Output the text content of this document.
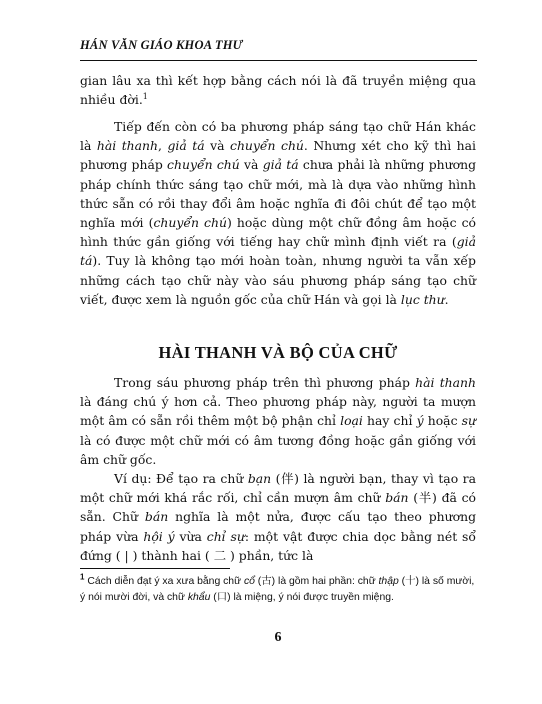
HÁN VĂN GIÁO KHOA THƯ

gian lâu xa thì kết hợp bằng cách nói là đã truyền miệng qua nhiều đời.$^1$

Tiếp đến còn có ba phương pháp sáng tạo chữ Hán khác là hài thanh, giả tá và chuyển chú. Nhưng xét cho kỹ thì hai phương pháp chuyển chú và giả tá chưa phải là những phương pháp chính thức sáng tạo chữ mới, mà là dựa vào những hình thức sẵn có rồi thay đổi âm hoặc nghĩa đi đôi chút để tạo một nghĩa mới (chuyển chú) hoặc dùng một chữ đồng âm hoặc có hình thức gần giống với tiếng hay chữ mình định viết ra (giả tá). Tuy là không tạo mới hoàn toàn, nhưng người ta vẫn xếp những cách tạo chữ này vào sáu phương pháp sáng tạo chữ viết, được xem là nguồn gốc của chữ Hán và gọi là lục thư.

HÀI THANH VÀ BỘ CỦA CHỮ

Trong sáu phương pháp trên thì phương pháp hài thanh là đáng chú ý hơn cả. Theo phương pháp này, người ta mượn một âm có sẵn rồi thêm một bộ phận chỉ loại hay chỉ ý hoặc sự là có được một chữ mới có âm tương đồng hoặc gần giống với âm chữ gốc.

Ví dụ: Để tạo ra chữ bạn (伴) là người bạn, thay vì tạo ra một chữ mới khá rắc rối, chỉ cần mượn âm chữ bán (半) đã có sẵn. Chữ bán nghĩa là một nửa, được cấu tạo theo phương pháp vừa hội ý vừa chỉ sự: một vật được chia dọc bằng nét sổ đứng ( | ) thành hai ( 二 ) phần, tức là

$^1$ Cách diễn đạt ý xa xưa bằng chữ cổ (古) là gồm hai phần: chữ thập (十) là số mười, ý nói mười đời, và chữ khẩu (口) là miệng, ý nói được truyền miệng.

6
